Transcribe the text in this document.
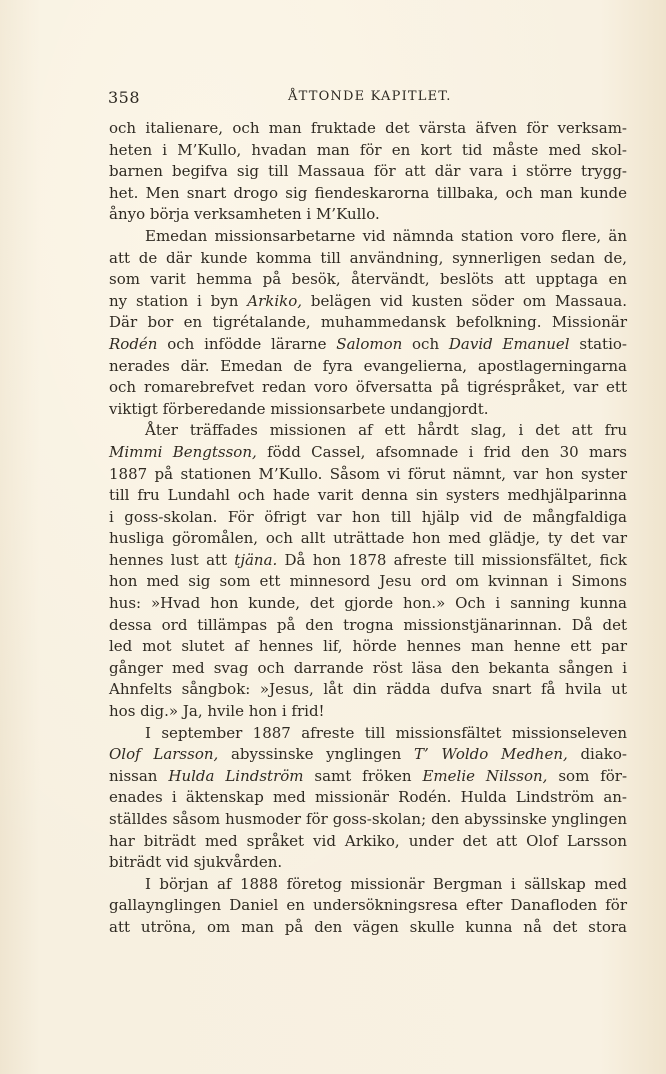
358	ÅTTONDE KAPITLET.
och italienare, och man fruktade det värsta äfven för verksam-
heten i M’Kullo, hvadan man för en kort tid måste med skol-
barnen begifva sig till Massaua för att där vara i större trygg-
het. Men snart drogo sig fiendeskarorna tillbaka, och man kunde
ånyo börja verksamheten i M’Kullo.
Emedan missionsarbetarne vid nämnda station voro flere, än
att de där kunde komma till användning, synnerligen sedan de,
som varit hemma på besök, återvändt, beslöts att upptaga en
ny station i byn Arkiko, belägen vid kusten söder om Massaua.
Där bor en tigrétalande, muhammedansk befolkning. Missionär
Rodén och infödde lärarne Salomon och David Emanuel statio-
nerades där. Emedan de fyra evangelierna, apostlagerningarna
och romarebrefvet redan voro öfversatta på tigréspråket, var ett
viktigt förberedande missionsarbete undangjordt.
Åter träffades missionen af ett hårdt slag, i det att fru
Mimmi Bengtsson, född Cassel, afsomnade i frid den 30 mars
1887 på stationen M’Kullo. Såsom vi förut nämnt, var hon syster
till fru Lundahl och hade varit denna sin systers medhjälparinna
i goss-skolan. För öfrigt var hon till hjälp vid de mångfaldiga
husliga göromålen, och allt uträttade hon med glädje, ty det var
hennes lust att tjäna. Då hon 1878 afreste till missionsfältet, fick
hon med sig som ett minnesord Jesu ord om kvinnan i Simons
hus: »Hvad hon kunde, det gjorde hon.» Och i sanning kunna
dessa ord tillämpas på den trogna missionstjänarinnan. Då det
led mot slutet af hennes lif, hörde hennes man henne ett par
gånger med svag och darrande röst läsa den bekanta sången i
Ahnfelts sångbok: »Jesus, låt din rädda dufva snart få hvila ut
hos dig.» Ja, hvile hon i frid!
I september 1887 afreste till missionsfältet missionseleven
Olof Larsson, abyssinske ynglingen T’ Woldo Medhen, diako-
nissan Hulda Lindström samt fröken Emelie Nilsson, som för-
enades i äktenskap med missionär Rodén. Hulda Lindström an-
ställdes såsom husmoder för goss-skolan; den abyssinske ynglingen
har biträdt med språket vid Arkiko, under det att Olof Larsson
biträdt vid sjukvården.
I början af 1888 företog missionär Bergman i sällskap med
gallaynglingen Daniel en undersökningsresa efter Danafloden för
att utröna, om man på den vägen skulle kunna nå det stora
